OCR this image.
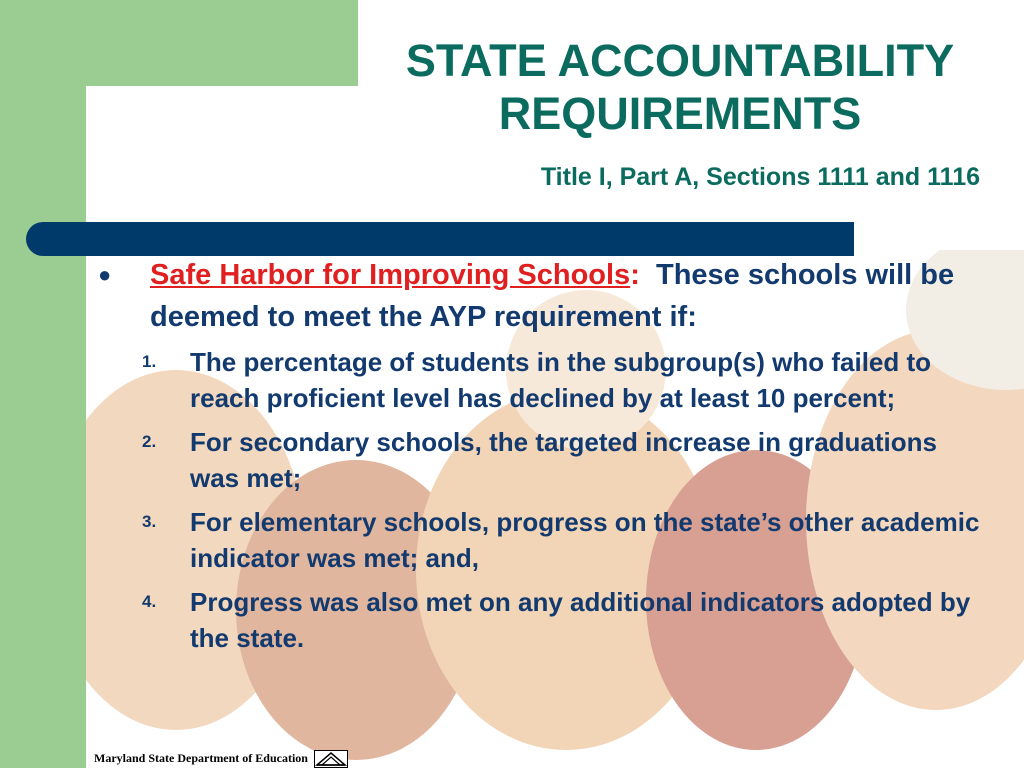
STATE ACCOUNTABILITY
REQUIREMENTS
Title I, Part A, Sections 1111 and 1116
●	Safe Harbor for Improving Schools: These schools will be deemed to meet the AYP requirement if:
1.	The percentage of students in the subgroup(s) who failed to reach proficient level has declined by at least 10 percent;
2.	For secondary schools, the targeted increase in graduations was met;
3.	For elementary schools, progress on the state’s other academic indicator was met; and,
4.	Progress was also met on any additional indicators adopted by the state.
Maryland State Department of Education
